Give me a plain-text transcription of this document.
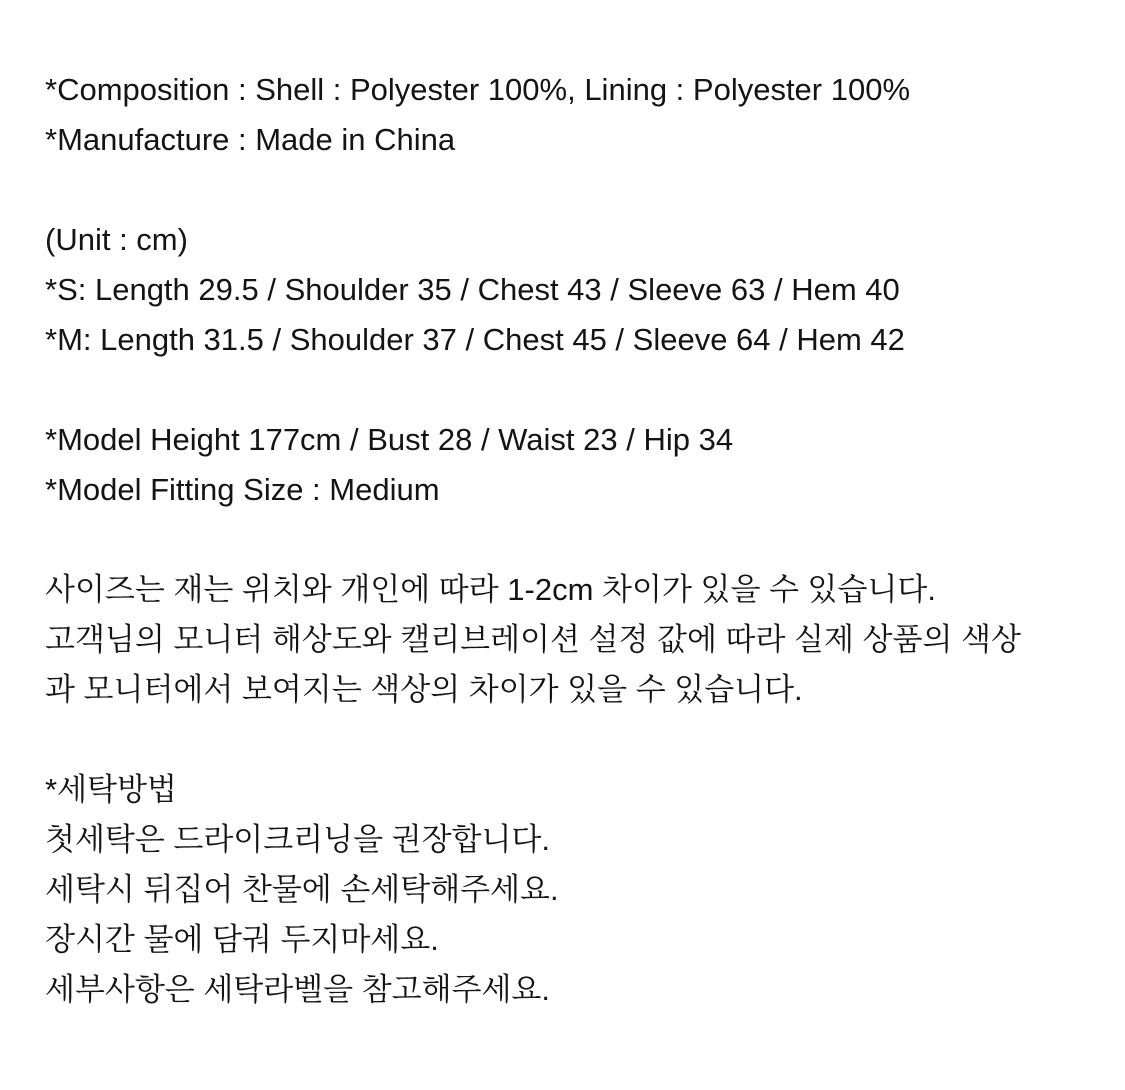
*Composition : Shell : Polyester 100%, Lining : Polyester 100%
*Manufacture : Made in China
(Unit : cm)
*S: Length 29.5 / Shoulder 35 / Chest 43 / Sleeve 63 / Hem 40
*M: Length 31.5 / Shoulder 37 / Chest 45 / Sleeve 64 / Hem 42
*Model Height 177cm / Bust 28 / Waist 23 / Hip 34
*Model Fitting Size : Medium
사이즈는 재는 위치와 개인에 따라 1-2cm 차이가 있을 수 있습니다.
고객님의 모니터 해상도와 캘리브레이션 설정 값에 따라 실제 상품의 색상
과 모니터에서 보여지는 색상의 차이가 있을 수 있습니다.
*세탁방법
첫세탁은 드라이크리닝을 권장합니다.
세탁시 뒤집어 찬물에 손세탁해주세요.
장시간 물에 담궈 두지마세요.
세부사항은 세탁라벨을 참고해주세요.
